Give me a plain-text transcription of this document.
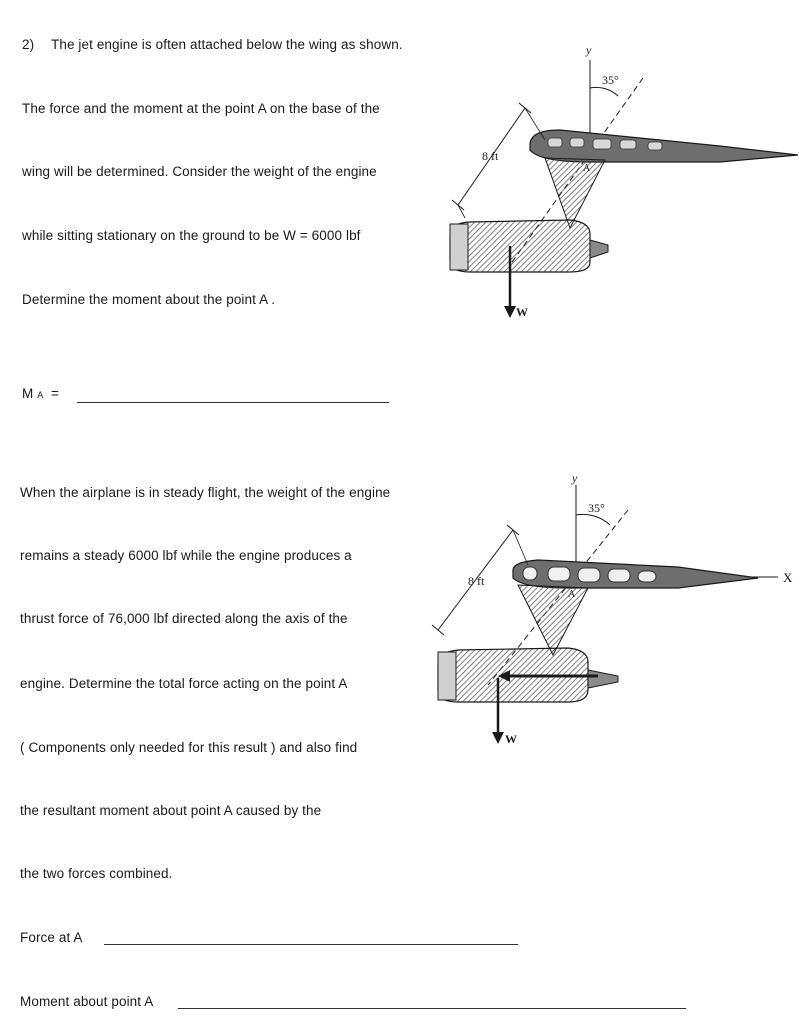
2) The jet engine is often attached below the wing as shown.
The force and the moment at the point A on the base of the
wing will be determined. Consider the weight of the engine
while sitting stationary on the ground to be W = 6000 lbf
Determine the moment about the point A .
M A =
When the airplane is in steady flight, the weight of the engine
remains a steady 6000 lbf while the engine produces a
thrust force of 76,000 lbf directed along the axis of the
engine. Determine the total force acting on the point A
( Components only needed for this result ) and also find
the resultant moment about point A caused by the
the two forces combined.
Force at A
Moment about point A
y
35°
A
8 ft
W
y
35°
X
A
8 ft
W
